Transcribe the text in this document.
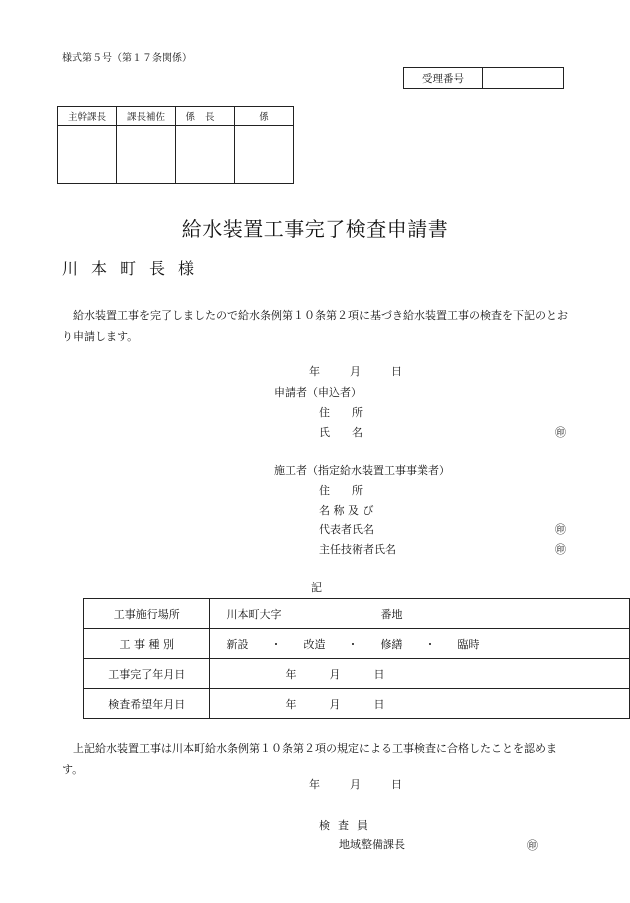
様式第５号（第１７条関係）
受理番号
主幹課長	課長補佐	係長	係

給水装置工事完了検査申請書
川本町長様
給水装置工事を完了しましたので給水条例第１０条第２項に基づき給水装置工事の検査を下記のとおり申請します。
年	月	日
申請者（申込者）
住　　所
氏　　名	㊞
施工者（指定給水装置工事事業者）
住　　所
名 称 及 び
代表者氏名	㊞
主任技術者氏名	㊞
記
工事施行場所	川本町大字　　　　　　　　　番地
工 事 種 別	新設　　・　　改造　　・　　修繕　　・　　臨時
工事完了年月日	年　　　月　　　日
検査希望年月日	年　　　月　　　日
上記給水装置工事は川本町給水条例第１０条第２項の規定による工事検査に合格したことを認めます。
年	月	日
検査員
地域整備課長	㊞
